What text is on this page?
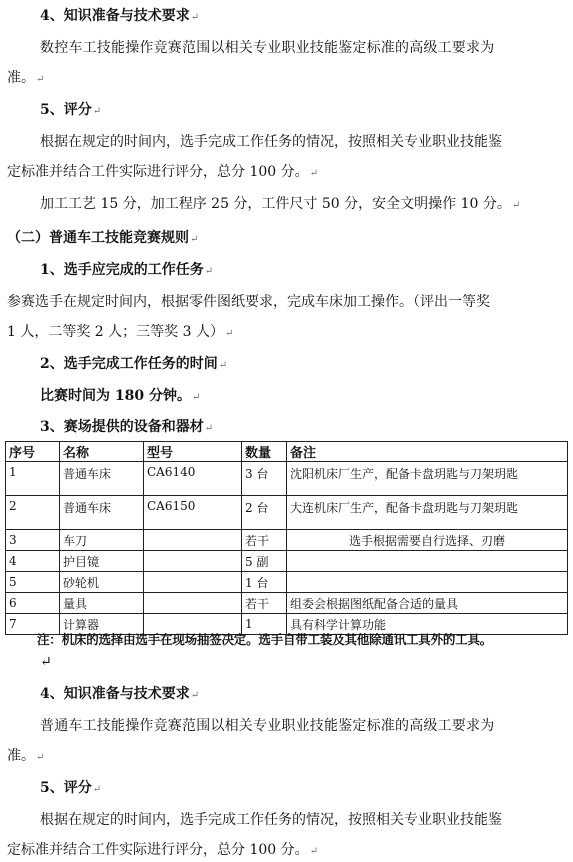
4、知识准备与技术要求↵
数控车工技能操作竞赛范围以相关专业职业技能鉴定标准的高级工要求为
准。↵
5、评分↵
根据在规定的时间内，选手完成工作任务的情况，按照相关专业职业技能鉴
定标准并结合工件实际进行评分，总分 100 分。↵
加工工艺 15 分，加工程序 25 分，工件尺寸 50 分，安全文明操作 10 分。↵
（二）普通车工技能竞赛规则↵
1、选手应完成的工作任务↵
参赛选手在规定时间内，根据零件图纸要求，完成车床加工操作。（评出一等奖
1 人，二等奖 2 人；三等奖 3 人）↵
2、选手完成工作任务的时间↵
比赛时间为 180 分钟。↵
3、赛场提供的设备和器材↵
序号	名称	型号	数量	备注
1	普通车床	CA6140	3 台	沈阳机床厂生产，配备卡盘玥匙与刀架玥匙
2	普通车床	CA6150	2 台	大连机床厂生产，配备卡盘玥匙与刀架玥匙
3	车刀		若干	选手根据需要自行选择、刃磨
4	护目镜		5 副	
5	砂轮机		1 台	
6	量具		若干	组委会根据图纸配备合适的量具
7	计算器		1	具有科学计算功能
注：机床的选择由选手在现场抽签决定。选手自带工装及其他除通讯工具外的工具。
↵
4、知识准备与技术要求↵
普通车工技能操作竞赛范围以相关专业职业技能鉴定标准的高级工要求为
准。↵
5、评分↵
根据在规定的时间内，选手完成工作任务的情况，按照相关专业职业技能鉴
定标准并结合工件实际进行评分，总分 100 分。↵
